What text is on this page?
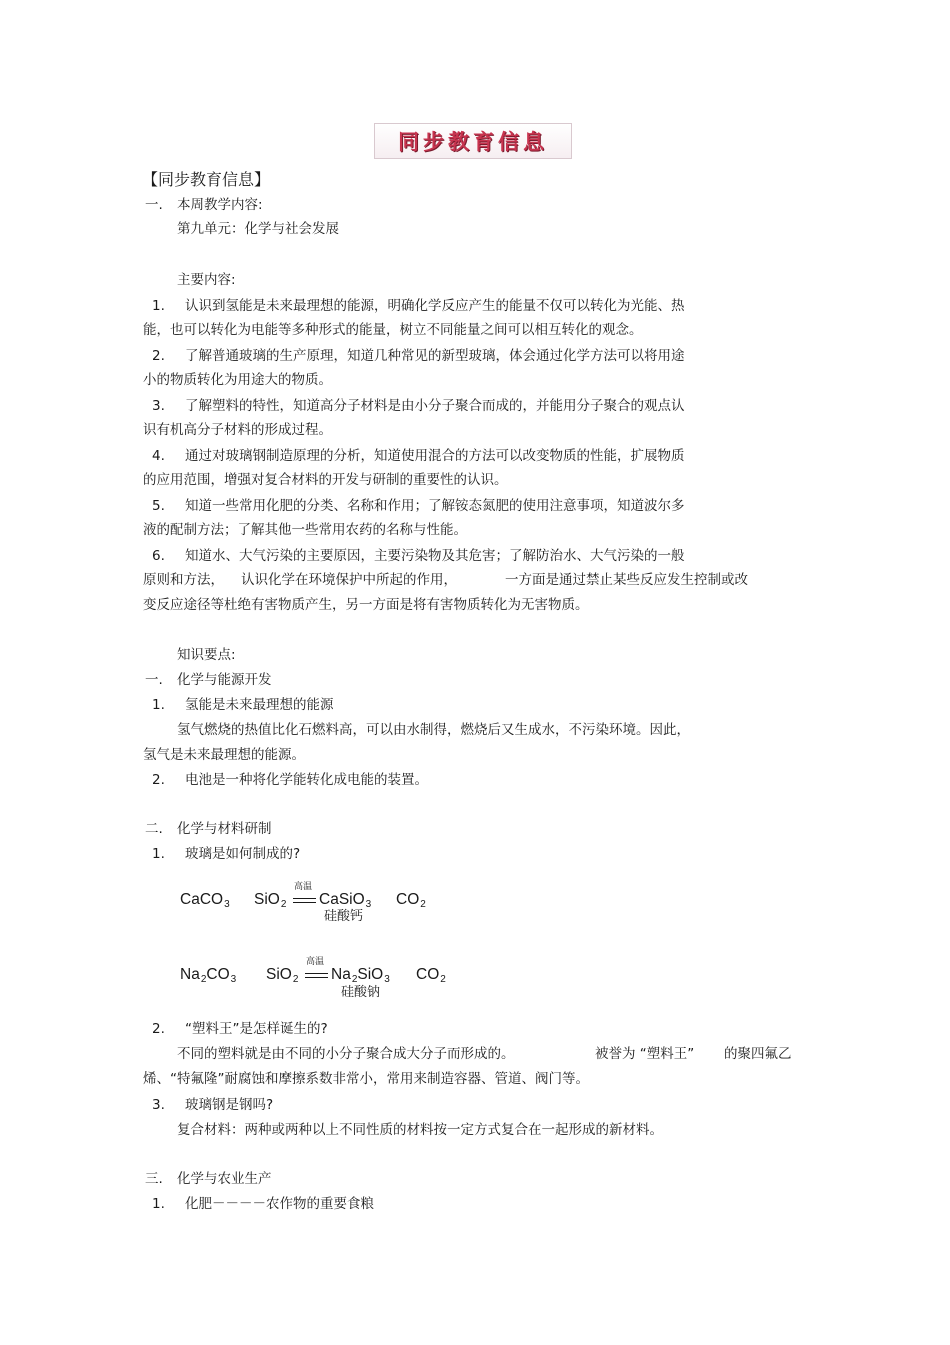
同步教育信息
【同步教育信息】
一. 本周教学内容:
第九单元：化学与社会发展
主要内容:
1. 认识到氢能是未来最理想的能源，明确化学反应产生的能量不仅可以转化为光能、热
能，也可以转化为电能等多种形式的能量，树立不同能量之间可以相互转化的观念。
2. 了解普通玻璃的生产原理，知道几种常见的新型玻璃，体会通过化学方法可以将用途
小的物质转化为用途大的物质。
3. 了解塑料的特性，知道高分子材料是由小分子聚合而成的，并能用分子聚合的观点认
识有机高分子材料的形成过程。
4. 通过对玻璃钢制造原理的分析，知道使用混合的方法可以改变物质的性能，扩展物质
的应用范围，增强对复合材料的开发与研制的重要性的认识。
5. 知道一些常用化肥的分类、名称和作用；了解铵态氮肥的使用注意事项，知道波尔多
液的配制方法；了解其他一些常用农药的名称与性能。
6. 知道水、大气污染的主要原因，主要污染物及其危害；了解防治水、大气污染的一般
原则和方法， 认识化学在环境保护中所起的作用，	一方面是通过禁止某些反应发生控制或改
变反应途径等杜绝有害物质产生，另一方面是将有害物质转化为无害物质。
知识要点:
一. 化学与能源开发
1. 氢能是未来最理想的能源
氢气燃烧的热值比化石燃料高，可以由水制得，燃烧后又生成水，不污染环境。因此，
氢气是未来最理想的能源。
2. 电池是一种将化学能转化成电能的装置。
二. 化学与材料研制
1. 玻璃是如何制成的?
CaCO$_3$ SiO$_2$
高温
CaSiO$_3$ $CO_2$
硅酸钙
$Na_2CO_3$ SiO$_2$
高温
$Na_2SiO_3$ $CO_2$
硅酸钠
2. “塑料王”是怎样诞生的?
不同的塑料就是由不同的小分子聚合成大分子而形成的。	被誉为 “塑料王” 的聚四氟乙
烯、“特氟隆”耐腐蚀和摩擦系数非常小，常用来制造容器、管道、阀门等。
3. 玻璃钢是钢吗?
复合材料：两种或两种以上不同性质的材料按一定方式复合在一起形成的新材料。
三. 化学与农业生产
1. 化肥－－－－农作物的重要食粮
